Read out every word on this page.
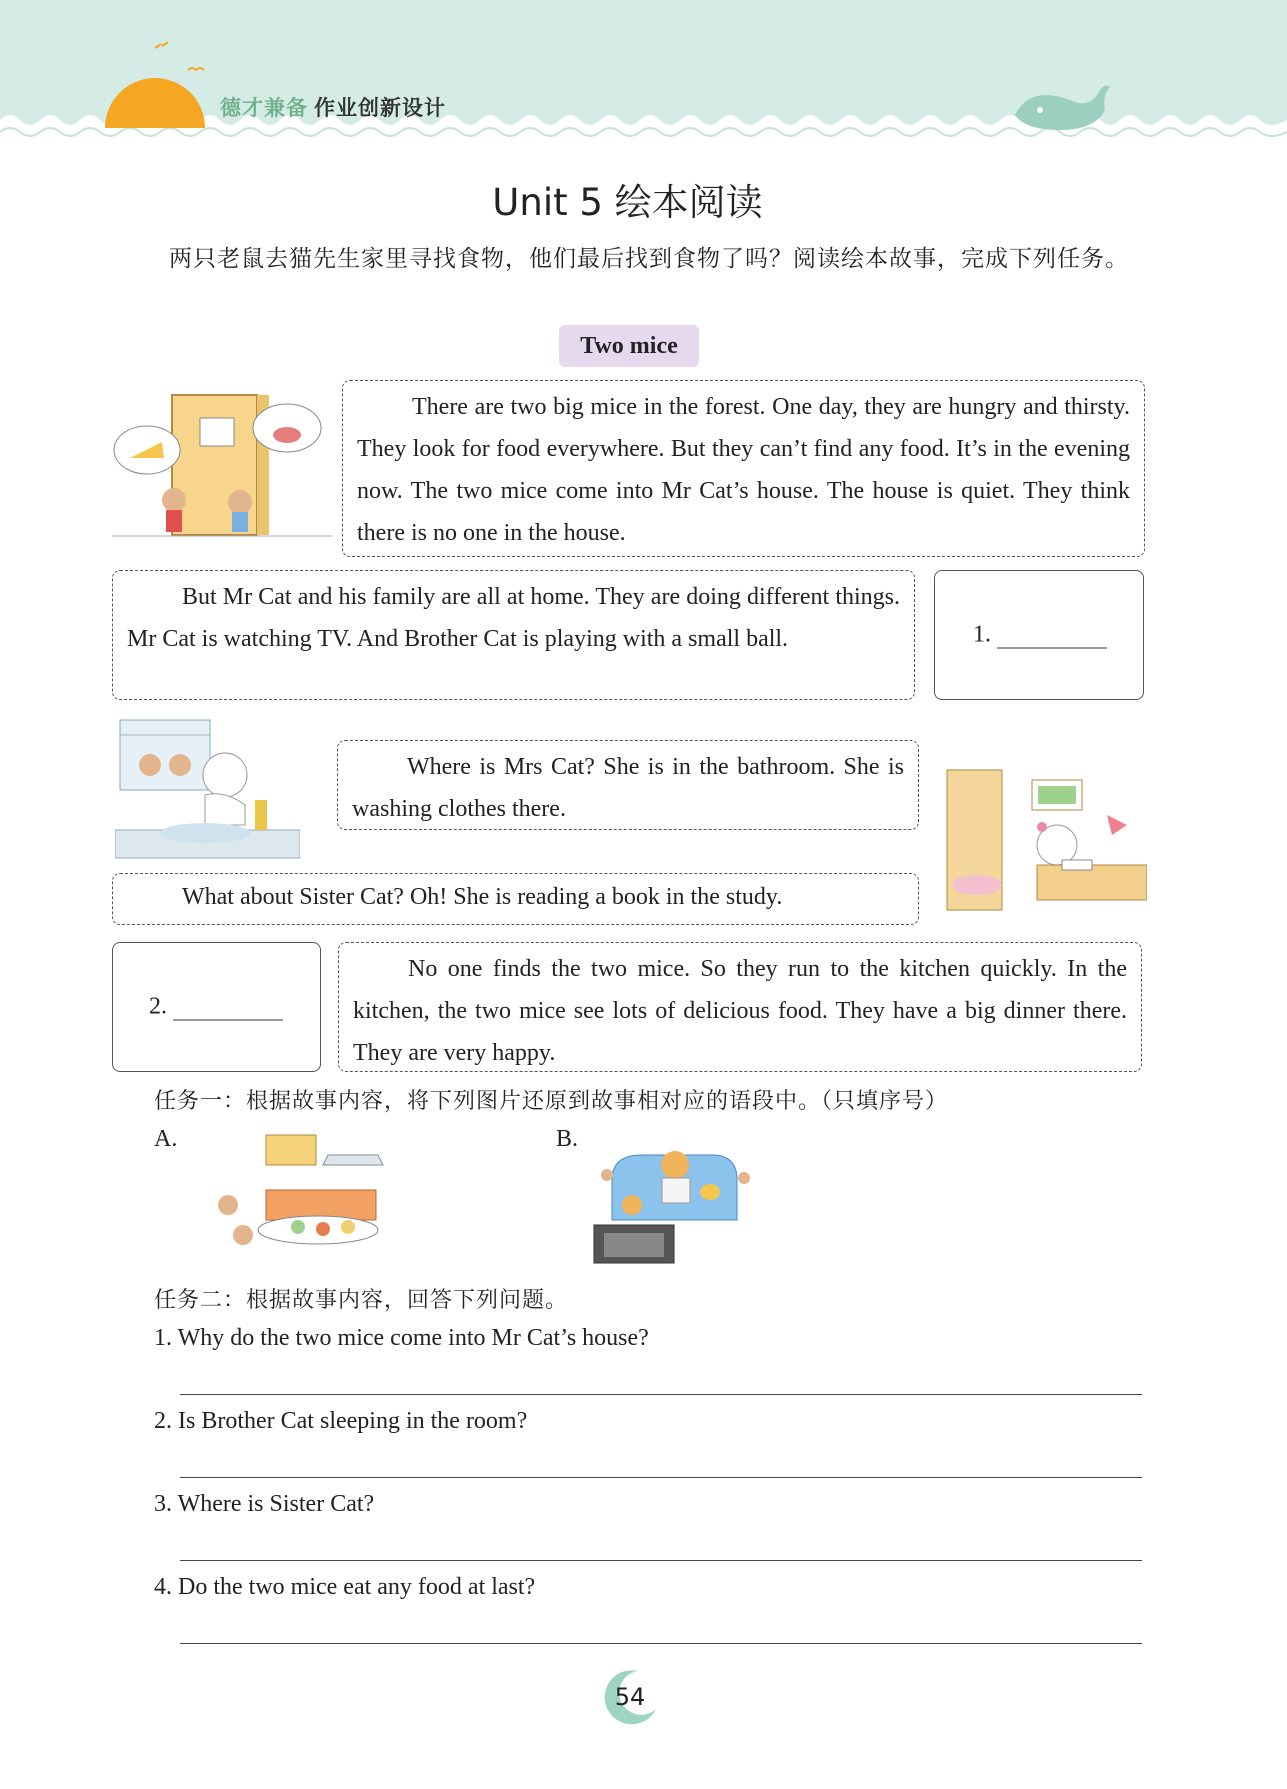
德才兼备 作业创新设计
Unit 5 绘本阅读
两只老鼠去猫先生家里寻找食物，他们最后找到食物了吗？阅读绘本故事，完成下列任务。
Two mice

There are two big mice in the forest. One day, they are hungry and thirsty. They look for food everywhere. But they can’t find any food. It’s in the evening now. The two mice come into Mr Cat’s house. The house is quiet. They think there is no one in the house.

But Mr Cat and his family are all at home. They are doing different things. Mr Cat is watching TV. And Brother Cat is playing with a small ball.	1.

Where is Mrs Cat? She is in the bathroom. She is washing clothes there.

What about Sister Cat? Oh! She is reading a book in the study.

2.

No one finds the two mice. So they run to the kitchen quickly. In the kitchen, the two mice see lots of delicious food. They have a big dinner there. They are very happy.

任务一：根据故事内容，将下列图片还原到故事相对应的语段中。（只填序号）
A.	B.
任务二：根据故事内容，回答下列问题。
1. Why do the two mice come into Mr Cat’s house?
2. Is Brother Cat sleeping in the room?
3. Where is Sister Cat?
4. Do the two mice eat any food at last?
54
